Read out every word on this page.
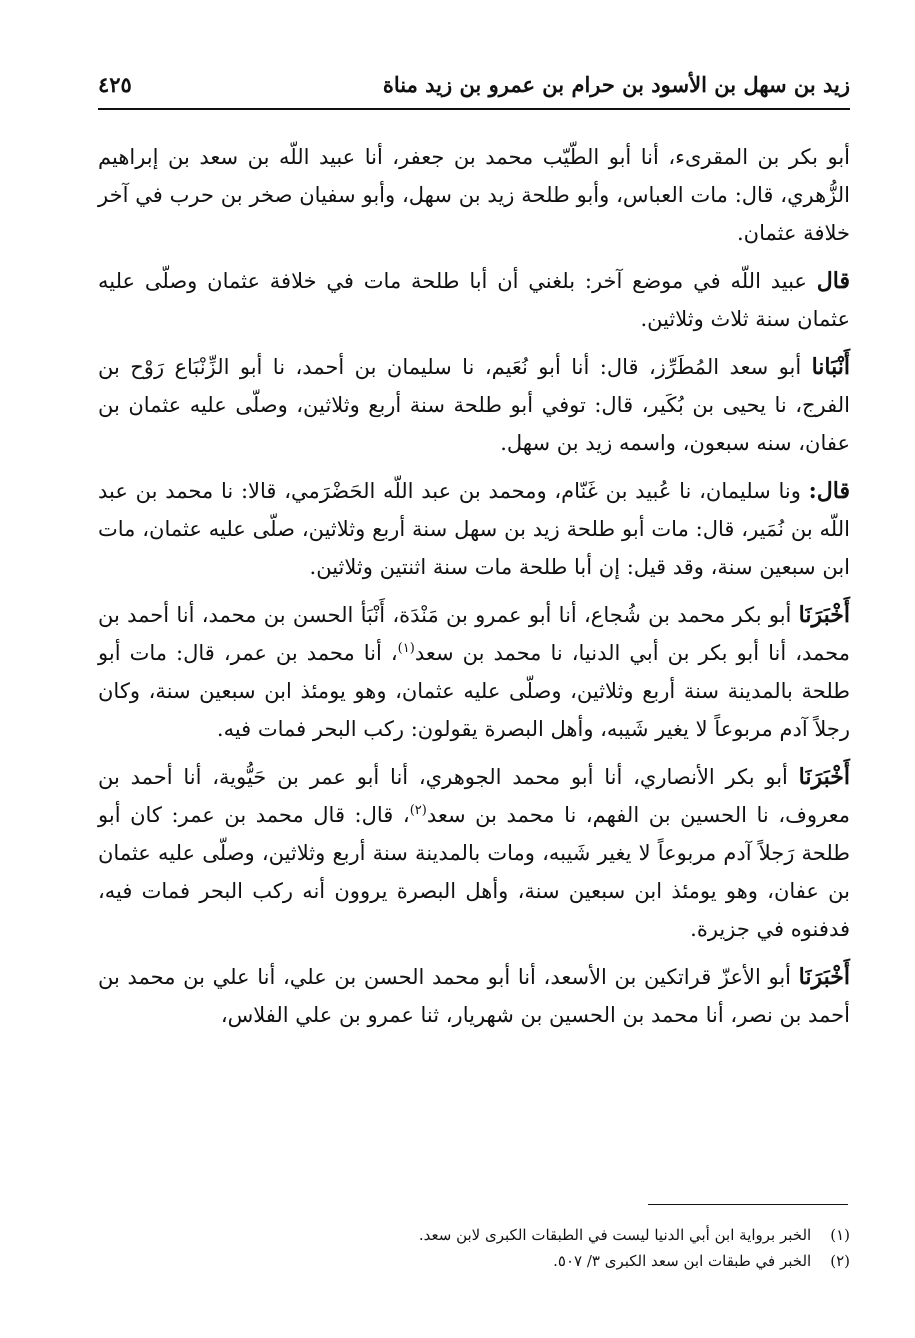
زيد بن سهل بن الأسود بن حرام بن عمرو بن زيد مناة
٤٢٥

أبو بكر بن المقرىء، أنا أبو الطّيّب محمد بن جعفر، أنا عبيد اللّه بن سعد بن إبراهيم الزُّهري، قال: مات العباس، وأبو طلحة زيد بن سهل، وأبو سفيان صخر بن حرب في آخر خلافة عثمان.

قال عبيد اللّه في موضع آخر: بلغني أن أبا طلحة مات في خلافة عثمان وصلّى عليه عثمان سنة ثلاث وثلاثين.

أَنْبَانا أبو سعد المُطَرِّز، قال: أنا أبو نُعَيم، نا سليمان بن أحمد، نا أبو الزِّنْبَاع رَوْح بن الفرج، نا يحيى بن بُكَير، قال: توفي أبو طلحة سنة أربع وثلاثين، وصلّى عليه عثمان بن عفان، سنه سبعون، واسمه زيد بن سهل.

قال: ونا سليمان، نا عُبيد بن غَنّام، ومحمد بن عبد اللّه الحَضْرَمي، قالا: نا محمد بن عبد اللّه بن نُمَير، قال: مات أبو طلحة زيد بن سهل سنة أربع وثلاثين، صلّى عليه عثمان، مات ابن سبعين سنة، وقد قيل: إن أبا طلحة مات سنة اثنتين وثلاثين.

أَخْبَرَنَا أبو بكر محمد بن شُجاع، أنا أبو عمرو بن مَنْدَة، أَنْبَأ الحسن بن محمد، أنا أحمد بن محمد، أنا أبو بكر بن أبي الدنيا، نا محمد بن سعد$^{(١)}$، أنا محمد بن عمر، قال: مات أبو طلحة بالمدينة سنة أربع وثلاثين، وصلّى عليه عثمان، وهو يومئذ ابن سبعين سنة، وكان رجلاً آدم مربوعاً لا يغير شَيبه، وأهل البصرة يقولون: ركب البحر فمات فيه.

أَخْبَرَنَا أبو بكر الأنصاري، أنا أبو محمد الجوهري، أنا أبو عمر بن حَيُّوية، أنا أحمد بن معروف، نا الحسين بن الفهم، نا محمد بن سعد$^{(٢)}$، قال: قال محمد بن عمر: كان أبو طلحة رَجلاً آدم مربوعاً لا يغير شَيبه، ومات بالمدينة سنة أربع وثلاثين، وصلّى عليه عثمان بن عفان، وهو يومئذ ابن سبعين سنة، وأهل البصرة يروون أنه ركب البحر فمات فيه، فدفنوه في جزيرة.

أَخْبَرَنَا أبو الأعزّ قراتكين بن الأسعد، أنا أبو محمد الحسن بن علي، أنا علي بن محمد بن أحمد بن نصر، أنا محمد بن الحسين بن شهريار، ثنا عمرو بن علي الفلاس،

(١) الخبر برواية ابن أبي الدنيا ليست في الطبقات الكبرى لابن سعد.

(٢) الخبر في طبقات ابن سعد الكبرى ٣/ ٥٠٧.
